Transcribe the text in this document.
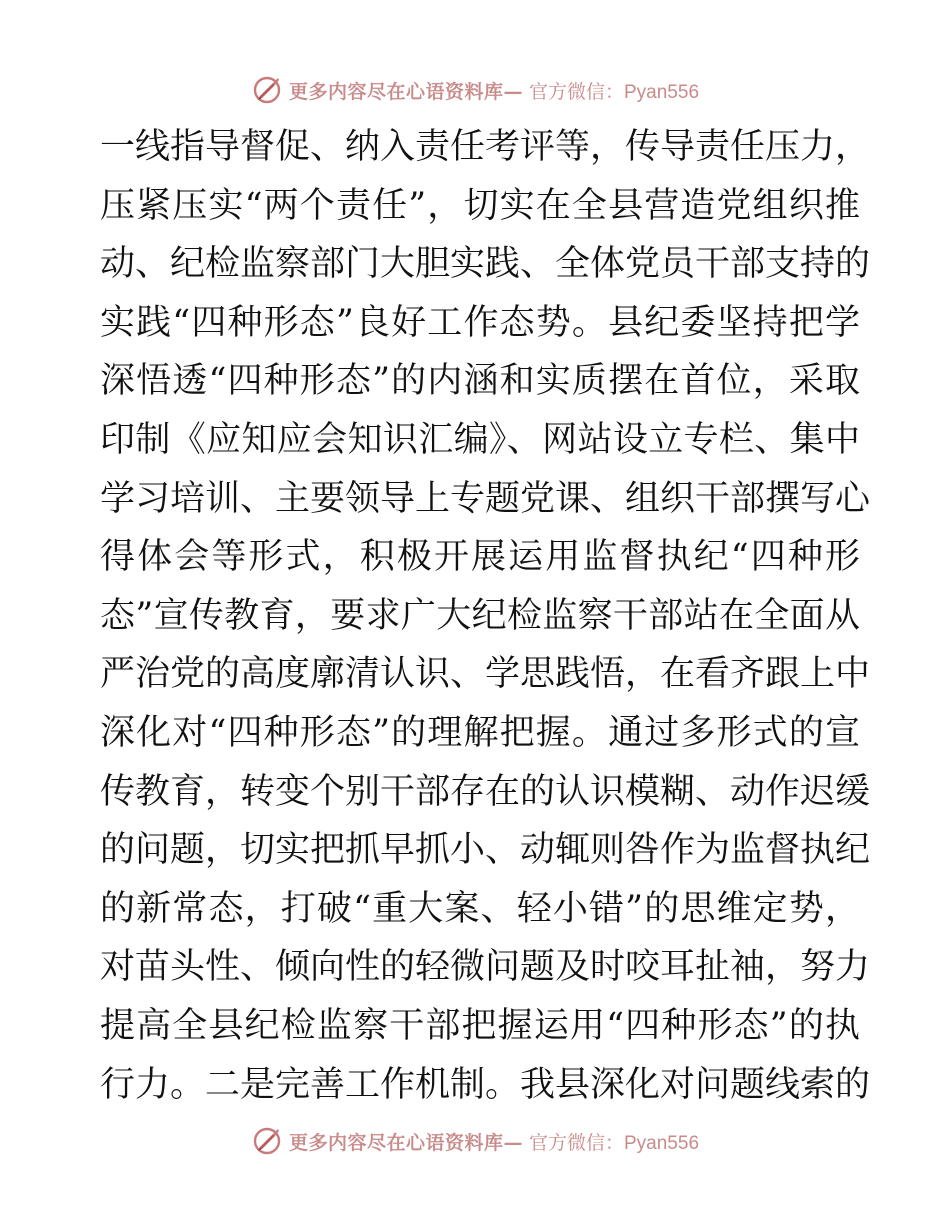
更多内容尽在心语资料库— 官方微信：Pyan556
一线指导督促、纳入责任考评等，传导责任压力，
压紧压实“两个责任”，切实在全县营造党组织推
动、纪检监察部门大胆实践、全体党员干部支持的
实践“四种形态”良好工作态势。县纪委坚持把学
深悟透“四种形态”的内涵和实质摆在首位，采取
印制《应知应会知识汇编》、网站设立专栏、集中
学习培训、主要领导上专题党课、组织干部撰写心
得体会等形式，积极开展运用监督执纪“四种形
态”宣传教育，要求广大纪检监察干部站在全面从
严治党的高度廓清认识、学思践悟，在看齐跟上中
深化对“四种形态”的理解把握。通过多形式的宣
传教育，转变个别干部存在的认识模糊、动作迟缓
的问题，切实把抓早抓小、动辄则咎作为监督执纪
的新常态，打破“重大案、轻小错”的思维定势，
对苗头性、倾向性的轻微问题及时咬耳扯袖，努力
提高全县纪检监察干部把握运用“四种形态”的执
行力。二是完善工作机制。我县深化对问题线索的
更多内容尽在心语资料库— 官方微信：Pyan556
